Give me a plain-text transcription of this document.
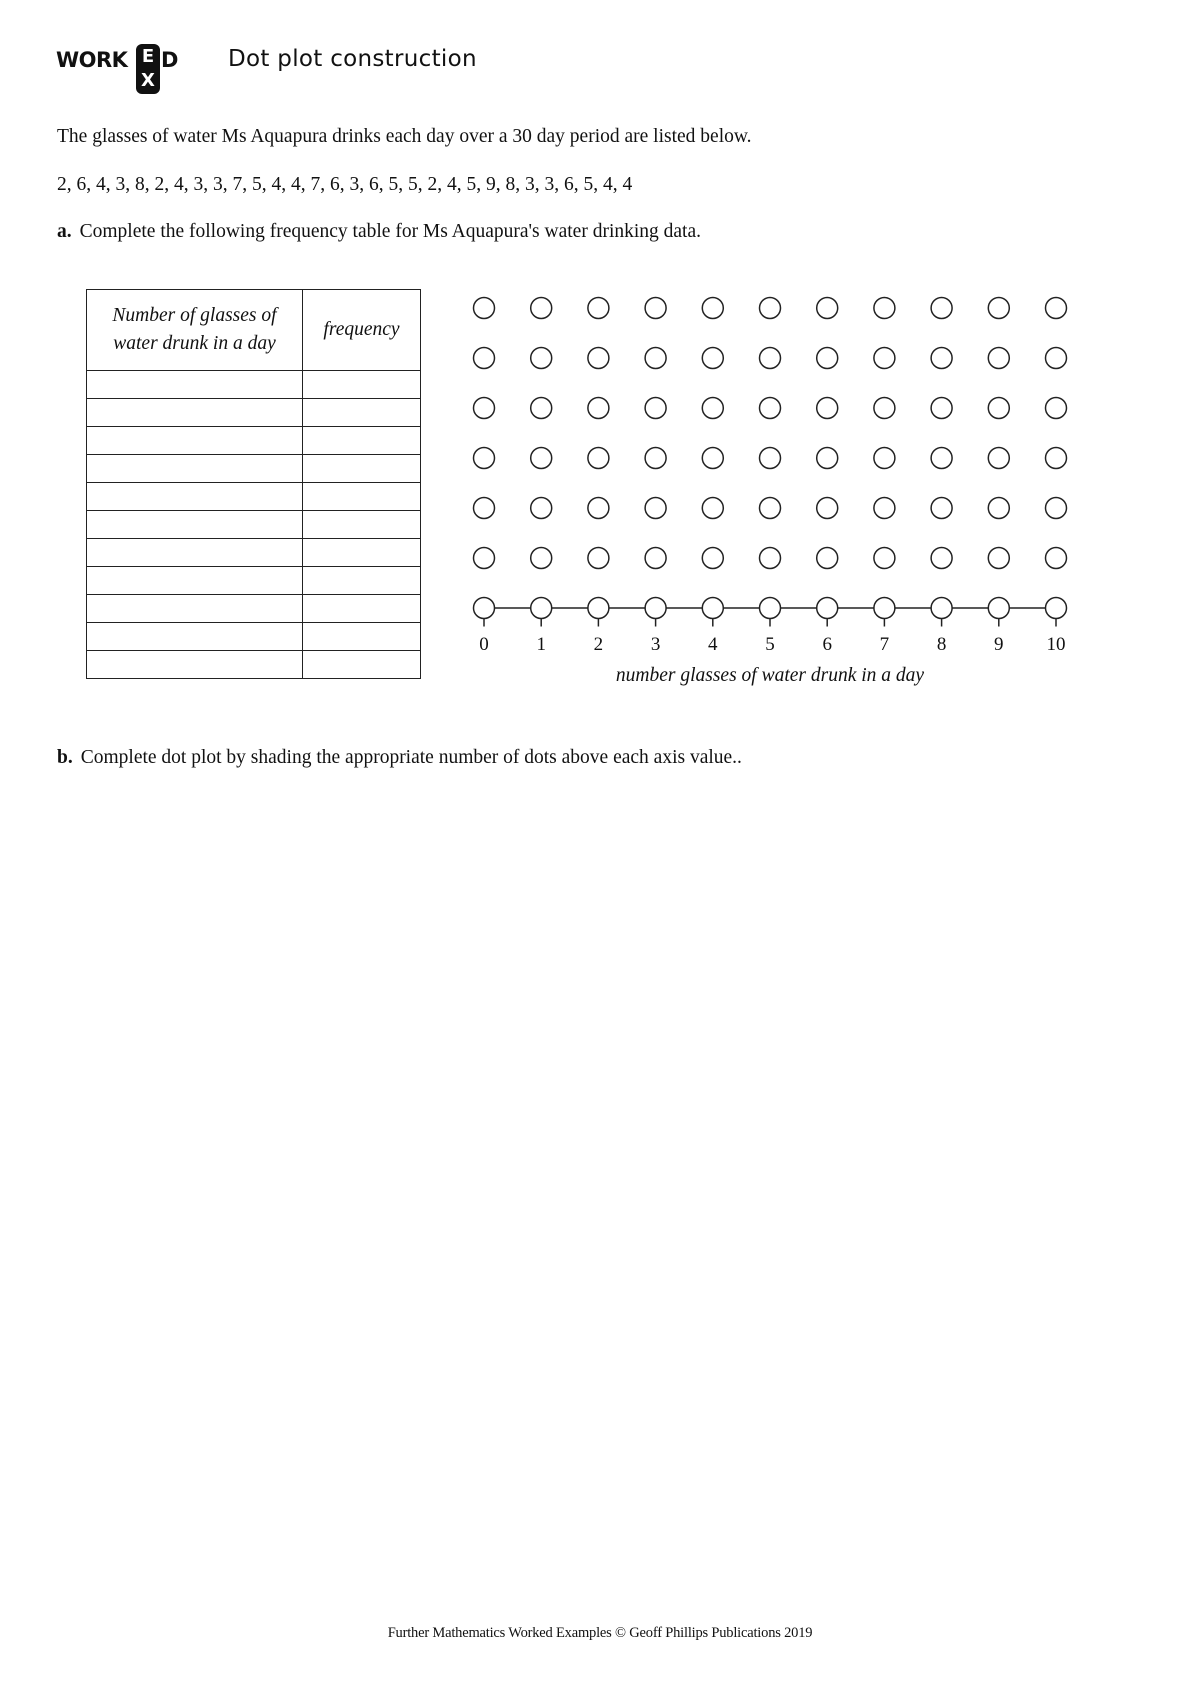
WORK E
X
D Dot plot construction
The glasses of water Ms Aquapura drinks each day over a 30 day period are listed below.
2, 6, 4, 3, 8, 2, 4, 3, 3, 7, 5, 4, 4, 7, 6, 3, 6, 5, 5, 2, 4, 5, 9, 8, 3, 3, 6, 5, 4, 4
a. Complete the following frequency table for Ms Aquapura's water drinking data.
Number of glasses of
water drunk in a day	frequency

0	1	2	3	4	5	6	7	8	9 10
number glasses of water drunk in a day
b. Complete dot plot by shading the appropriate number of dots above each axis value..
Further Mathematics Worked Examples © Geoff Phillips Publications 2019
